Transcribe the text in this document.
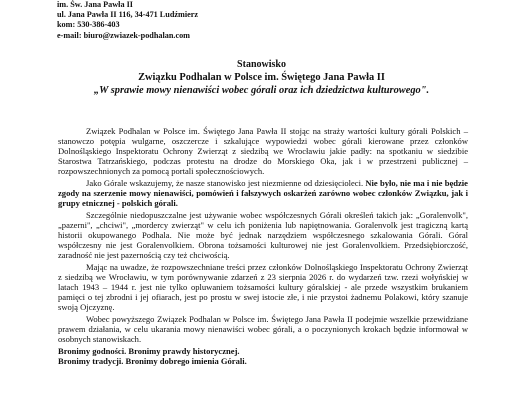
im. Św. Jana Pawła II
ul. Jana Pawła II 116, 34-471 Ludźmierz
kom: 530-386-403
e-mail: biuro@zwiazek-podhalan.com
Stanowisko
Związku Podhalan w Polsce im. Świętego Jana Pawła II
„W sprawie mowy nienawiści wobec górali oraz ich dziedzictwa kulturowego".

Związek Podhalan w Polsce im. Świętego Jana Pawła II stojąc na straży wartości kultury górali Polskich – stanowczo potępia wulgarne, oszczercze i szkalujące wypowiedzi wobec górali kierowane przez członków Dolnośląskiego Inspektoratu Ochrony Zwierząt z siedzibą we Wrocławiu jakie padły: na spotkaniu w siedzibie Starostwa Tatrzańskiego, podczas protestu na drodze do Morskiego Oka, jak i w przestrzeni publicznej – rozpowszechnionych za pomocą portali społecznościowych.

Jako Górale wskazujemy, że nasze stanowisko jest niezmienne od dziesięcioleci. Nie było, nie ma i nie będzie zgody na szerzenie mowy nienawiści, pomówień i fałszywych oskarżeń zarówno wobec członków Związku, jak i grupy etnicznej - polskich górali.

Szczególnie niedopuszczalne jest używanie wobec współczesnych Górali określeń takich jak: „Goralenvolk", „pazerni", „chciwi", „mordercy zwierząt" w celu ich poniżenia lub napiętnowania. Goralenvolk jest tragiczną kartą historii okupowanego Podhala. Nie może być jednak narzędziem współczesnego szkalowania Górali. Góral współczesny nie jest Goralenvolkiem. Obrona tożsamości kulturowej nie jest Goralenvolkiem. Przedsiębiorczość, zaradność nie jest pazernością czy też chciwością.

Mając na uwadze, że rozpowszechniane treści przez członków Dolnośląskiego Inspektoratu Ochrony Zwierząt z siedzibą we Wrocławiu, w tym porównywanie zdarzeń z 23 sierpnia 2026 r. do wydarzeń tzw. rzezi wołyńskiej w latach 1943 – 1944 r. jest nie tylko opluwaniem tożsamości kultury góralskiej - ale przede wszystkim brukaniem pamięci o tej zbrodni i jej ofiarach, jest po prostu w swej istocie złe, i nie przystoi żadnemu Polakowi, który szanuje swoją Ojczyznę.

Wobec powyższego Związek Podhalan w Polsce im. Świętego Jana Pawła II podejmie wszelkie przewidziane prawem działania, w celu ukarania mowy nienawiści wobec górali, a o poczynionych krokach będzie informował w osobnych stanowiskach.

Bronimy godności. Bronimy prawdy historycznej.

Bronimy tradycji. Bronimy dobrego imienia Górali.
